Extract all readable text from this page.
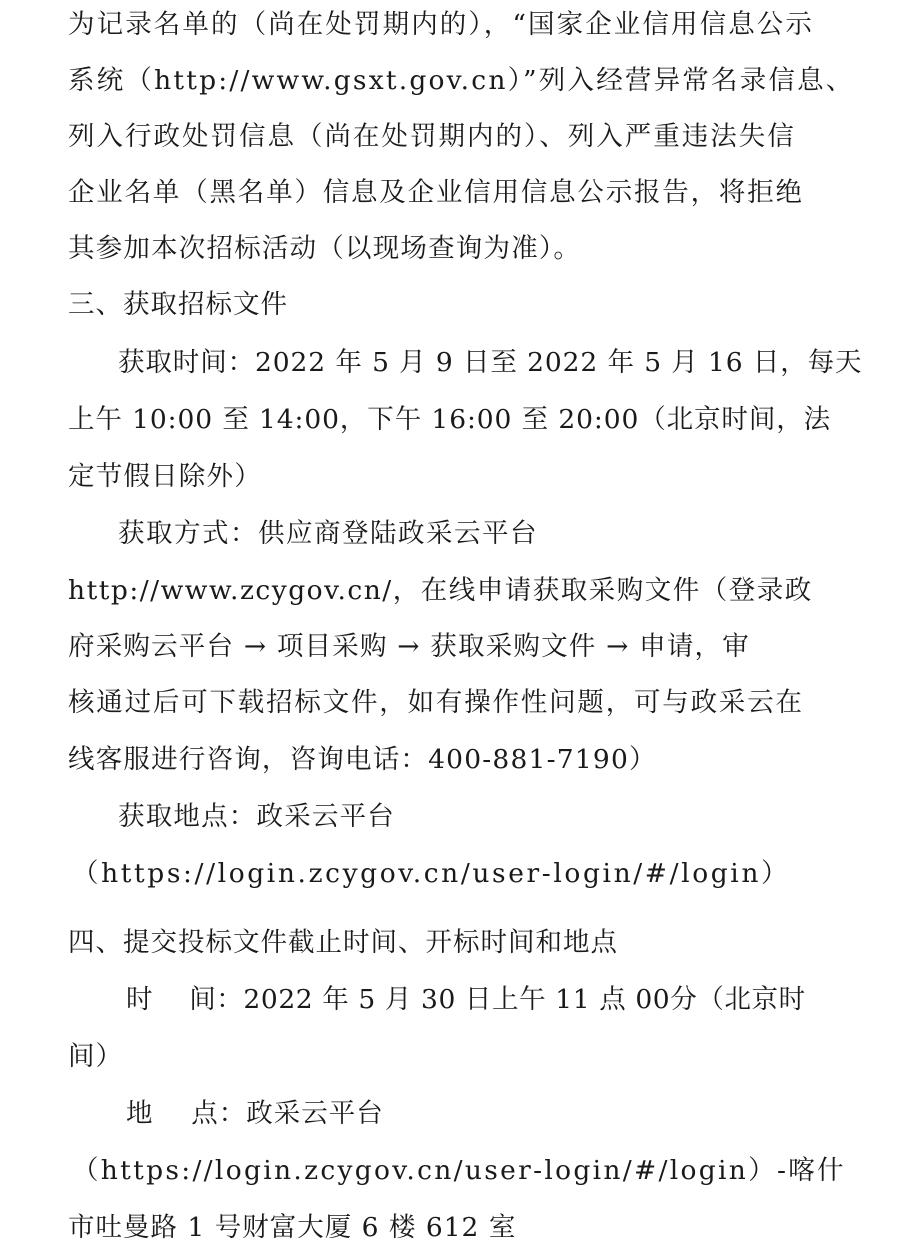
为记录名单的（尚在处罚期内的），“国家企业信用信息公示
系统（http://www.gsxt.gov.cn）”列入经营异常名录信息、
列入行政处罚信息（尚在处罚期内的）、列入严重违法失信
企业名单（黑名单）信息及企业信用信息公示报告，将拒绝
其参加本次招标活动（以现场查询为准）。
三、获取招标文件
获取时间：2022 年 5 月 9 日至 2022 年 5 月 16 日，每天
上午 10:00 至 14:00，下午 16:00 至 20:00（北京时间，法
定节假日除外）
获取方式：供应商登陆政采云平台
http://www.zcygov.cn/，在线申请获取采购文件（登录政
府采购云平台 → 项目采购 → 获取采购文件 → 申请，审
核通过后可下载招标文件，如有操作性问题，可与政采云在
线客服进行咨询，咨询电话：400-881-7190）
获取地点：政采云平台
（https://login.zcygov.cn/user-login/#/login）
四、提交投标文件截止时间、开标时间和地点
时    间：2022 年 5 月 30 日上午 11 点 00分（北京时
间）
地    点：政采云平台
（https://login.zcygov.cn/user-login/#/login）-喀什
市吐曼路 1 号财富大厦 6 楼 612 室
